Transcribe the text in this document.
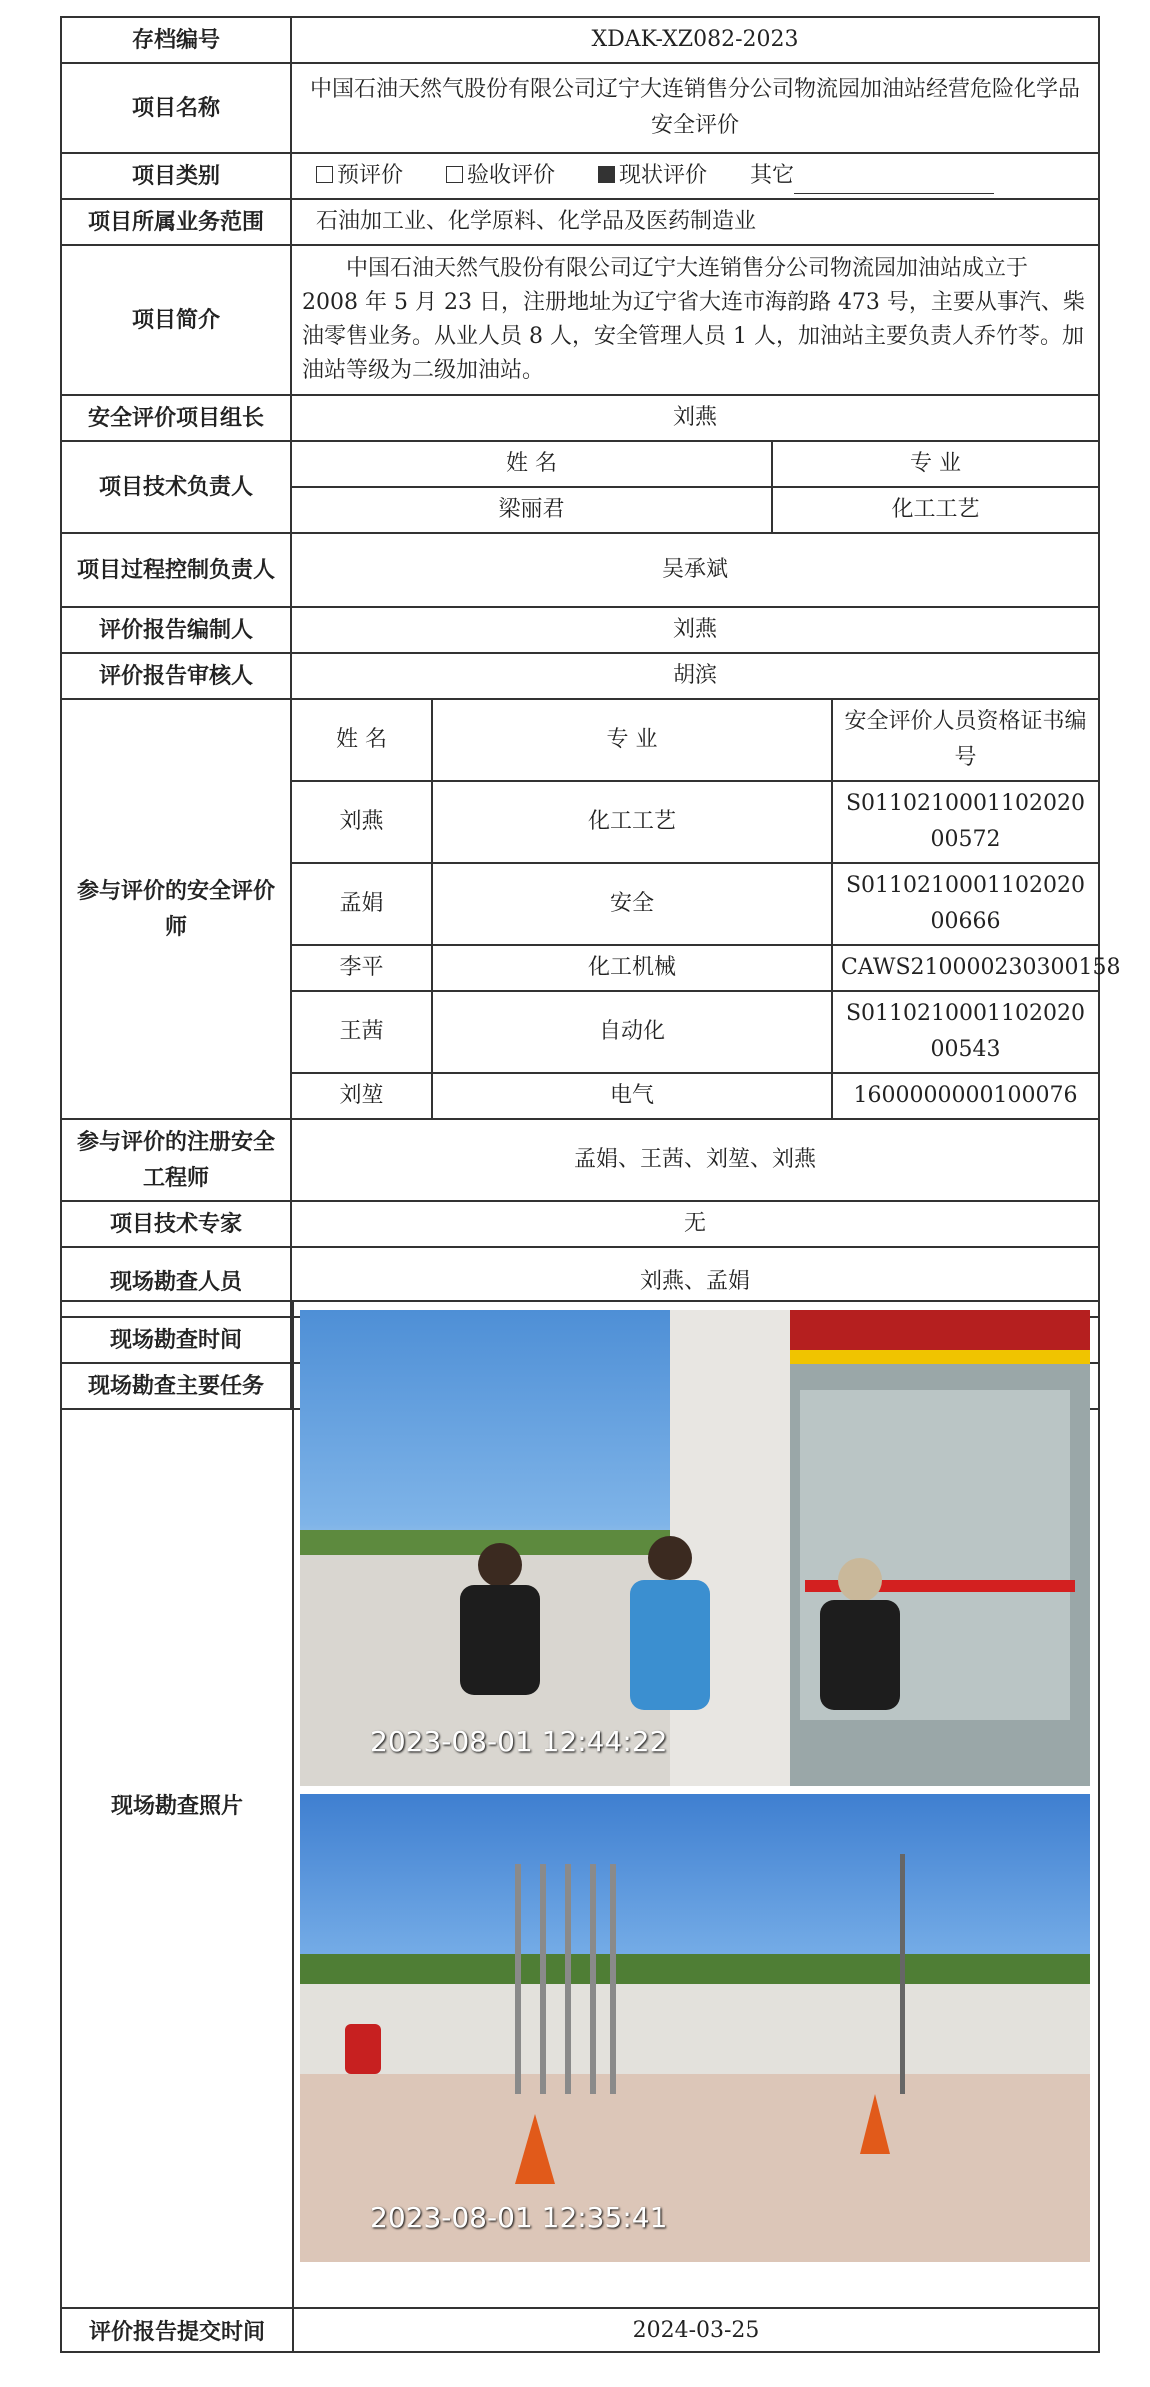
存档编号	XDAK-XZ082-2023
项目名称	中国石油天然气股份有限公司辽宁大连销售分公司物流园加油站经营危险化学品安全评价
项目类别	预评价	验收评价	现状评价 其它
项目所属业务范围	石油加工业、化学原料、化学品及医药制造业
项目简介	中国石油天然气股份有限公司辽宁大连销售分公司物流园加油站成立于 2008 年 5 月 23 日，注册地址为辽宁省大连市海韵路 473 号，主要从事汽、柴油零售业务。从业人员 8 人，安全管理人员 1 人，加油站主要负责人乔竹苓。加油站等级为二级加油站。
安全评价项目组长	刘燕
项目技术负责人	
姓 名	专 业
梁丽君	化工工艺

项目过程控制负责人	吴承斌
评价报告编制人	刘燕
评价报告审核人	胡滨
参与评价的安全评价师	
姓 名	专 业	安全评价人员资格证书编号
刘燕	化工工艺	S011021000110202000572
孟娟	安全	S011021000110202000666
李平	化工机械	CAWS210000230300158
王茜	自动化	S011021000110202000543
刘堃	电气	1600000000100076

参与评价的注册安全工程师	孟娟、王茜、刘堃、刘燕
项目技术专家	无
现场勘查人员	刘燕、孟娟
现场勘查时间	
现场勘查主要任务	
现场勘查照片
2023-08-01 12:44:22
2023-08-01 12:35:41
评价报告提交时间	2024-03-25
